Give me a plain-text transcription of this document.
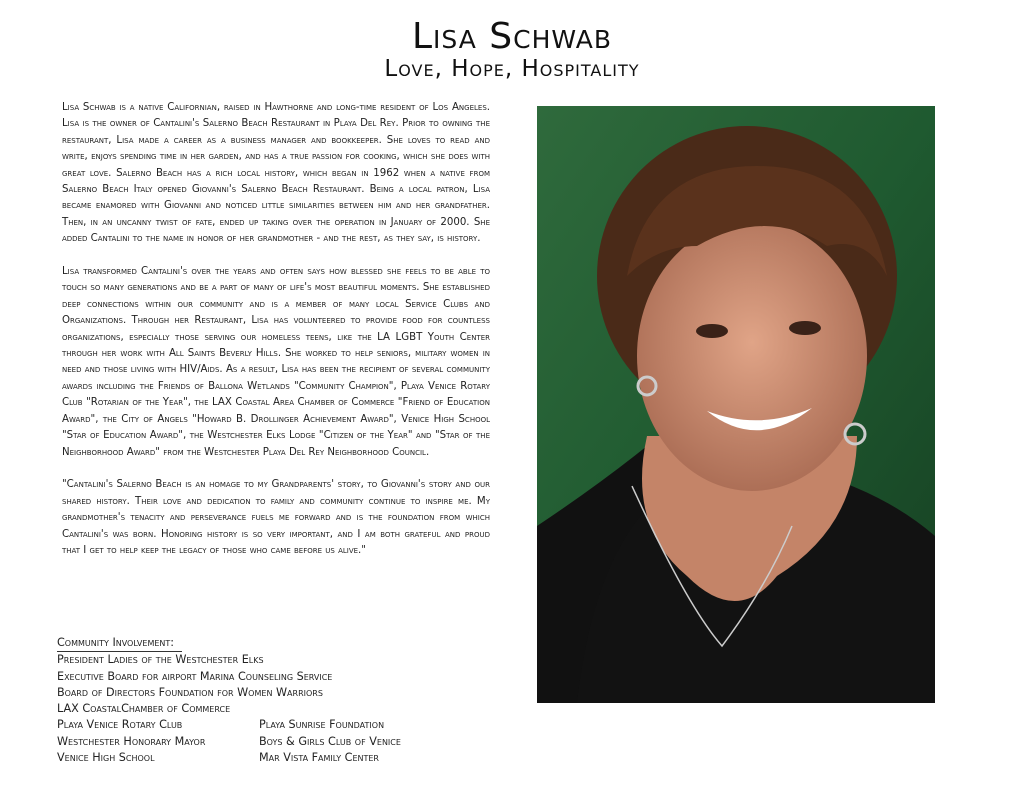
Lisa Schwab
Love, Hope, Hospitality

Lisa Schwab is a native Californian, raised in Hawthorne and long-time resident of Los Angeles. Lisa is the owner of Cantalini's Salerno Beach Restaurant in Playa Del Rey. Prior to owning the restaurant, Lisa made a career as a business manager and bookkeeper. She loves to read and write, enjoys spending time in her garden, and has a true passion for cooking, which she does with great love. Salerno Beach has a rich local history, which began in 1962 when a native from Salerno Beach Italy opened Giovanni's Salerno Beach Restaurant. Being a local patron, Lisa became enamored with Giovanni and noticed little similarities between him and her grandfather. Then, in an uncanny twist of fate, ended up taking over the operation in January of 2000. She added Cantalini to the name in honor of her grandmother - and the rest, as they say, is history.

Lisa transformed Cantalini's over the years and often says how blessed she feels to be able to touch so many generations and be a part of many of life's most beautiful moments. She established deep connections within our community and is a member of many local Service Clubs and Organizations. Through her Restaurant, Lisa has volunteered to provide food for countless organizations, especially those serving our homeless teens, like the LA LGBT Youth Center through her work with All Saints Beverly Hills. She worked to help seniors, military women in need and those living with HIV/Aids. As a result, Lisa has been the recipient of several community awards including the Friends of Ballona Wetlands "Community Champion", Playa Venice Rotary Club "Rotarian of the Year", the LAX Coastal Area Chamber of Commerce "Friend of Education Award", the City of Angels "Howard B. Drollinger Achievement Award", Venice High School "Star of Education Award", the Westchester Elks Lodge "Citizen of the Year" and "Star of the Neighborhood Award" from the Westchester Playa Del Rey Neighborhood Council.

"Cantalini's Salerno Beach is an homage to my Grandparents' story, to Giovanni's story and our shared history. Their love and dedication to family and community continue to inspire me. My grandmother's tenacity and perseverance fuels me forward and is the foundation from which Cantalini's was born. Honoring history is so very important, and I am both grateful and proud that I get to help keep the legacy of those who came before us alive."

Community Involvement:
President Ladies of the Westchester Elks
Executive Board for airport Marina Counseling Service
Board of Directors Foundation for Women Warriors
LAX CoastalChamber of Commerce
Playa Venice Rotary Club	Playa Sunrise Foundation
Westchester Honorary Mayor	Boys & Girls Club of Venice
Venice High School	Mar Vista Family Center
